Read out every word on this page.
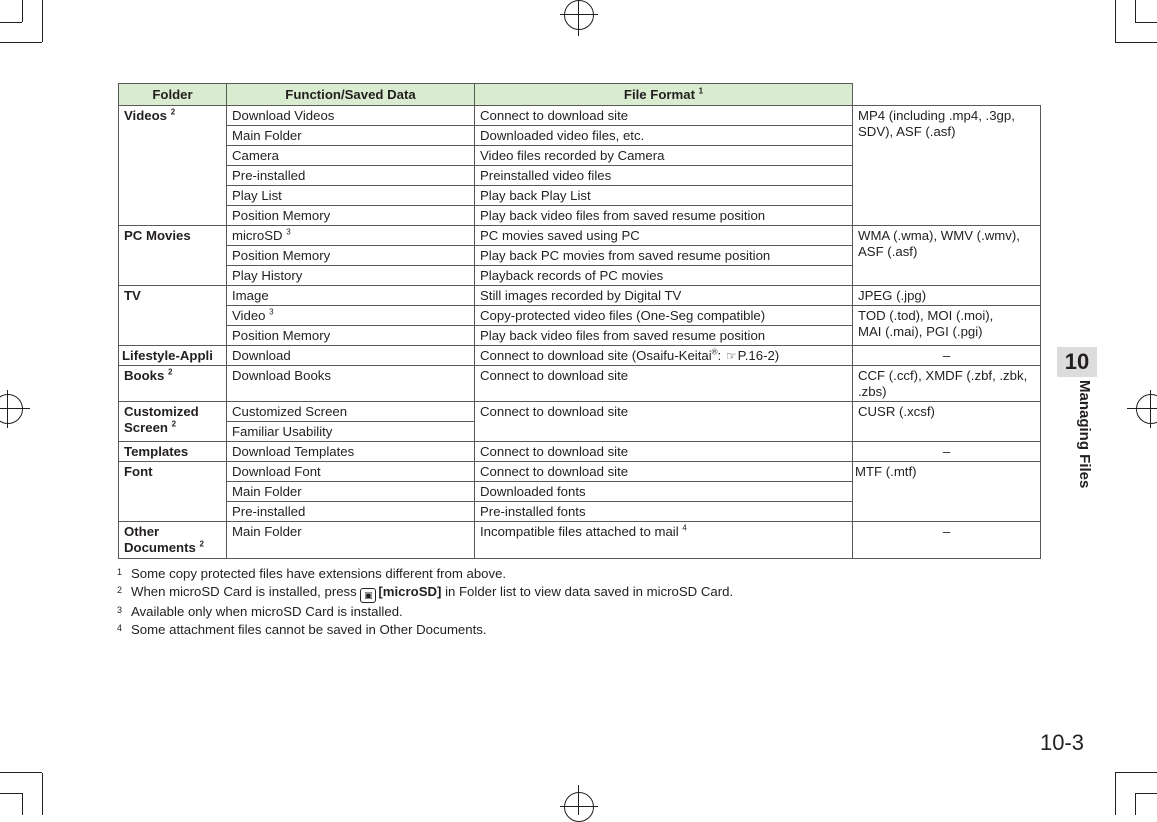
Folder	Function/Saved Data	File Format $^1$
Videos $^2$	Download Videos	Connect to download site	MP4 (including .mp4, .3gp, SDV), ASF (.asf)
	Main Folder	Downloaded video files, etc.	
	Camera	Video files recorded by Camera	
	Pre-installed	Preinstalled video files	
	Play List	Play back Play List	
	Position Memory	Play back video files from saved resume position	
PC Movies	microSD $^3$	PC movies saved using PC	WMA (.wma), WMV (.wmv), ASF (.asf)
	Position Memory	Play back PC movies from saved resume position	
	Play History	Playback records of PC movies	
TV	Image	Still images recorded by Digital TV	JPEG (.jpg)
	Video $^3$	Copy-protected video files (One-Seg compatible)	TOD (.tod), MOI (.moi),
MAI (.mai), PGI (.pgi)
	Position Memory	Play back video files from saved resume position	
Lifestyle-Appli	Download	Connect to download site (Osaifu-Keitai®: ☞P.16-2)	–
Books $^2$	Download Books	Connect to download site	CCF (.ccf), XMDF (.zbf, .zbk, .zbs)
Customized Screen $^2$	Customized Screen	Connect to download site	CUSR (.xcsf)
	Familiar Usability		
Templates	Download Templates	Connect to download site	–
Font	Download Font	Connect to download site	MTF (.mtf)
	Main Folder	Downloaded fonts	
	Pre-installed	Pre-installed fonts	
Other Documents $^2$	Main Folder	Incompatible files attached to mail $^4$	–
1 Some copy protected files have extensions different from above.
2 When microSD Card is installed, press ▣ [microSD] in Folder list to view data saved in microSD Card.
3 Available only when microSD Card is installed.
4 Some attachment files cannot be saved in Other Documents.
10
Managing Files
10-3
